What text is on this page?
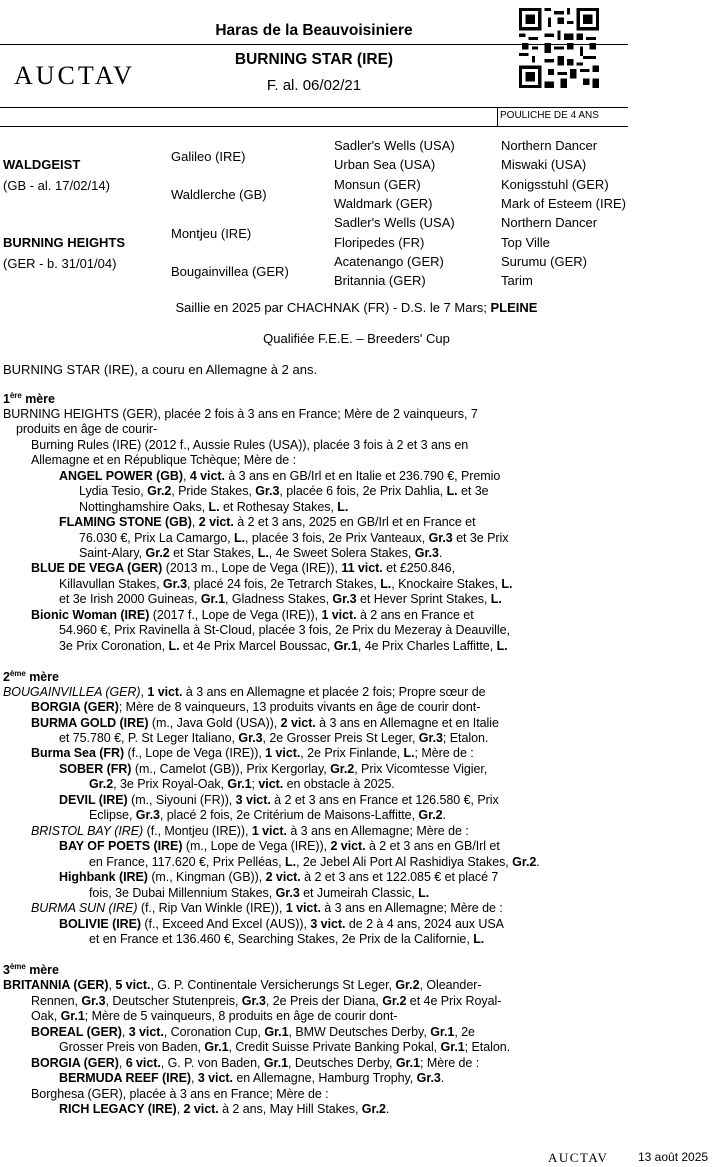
Haras de la Beauvoisiniere
BURNING STAR (IRE)
AUCTAV	F. al. 06/02/21
POULICHE DE 4 ANS
WALDGEIST
(GB - al. 17/02/14)
BURNING HEIGHTS
(GER - b. 31/01/04)
Galileo (IRE)
Waldlerche (GB)
Montjeu (IRE)
Bougainvillea (GER)
Sadler's Wells (USA)
Urban Sea (USA)
Monsun (GER)
Waldmark (GER)
Sadler's Wells (USA)
Floripedes (FR)
Acatenango (GER)
Britannia (GER)
Northern Dancer
Miswaki (USA)
Konigsstuhl (GER)
Mark of Esteem (IRE)
Northern Dancer
Top Ville
Surumu (GER)
Tarim
Saillie en 2025 par CHACHNAK (FR) - D.S. le 7 Mars; PLEINE
Qualifiée F.E.E. – Breeders' Cup
BURNING STAR (IRE), a couru en Allemagne à 2 ans.
1ère mère
BURNING HEIGHTS (GER), placée 2 fois à 3 ans en France; Mère de 2 vainqueurs, 7
produits en âge de courir-
Burning Rules (IRE) (2012 f., Aussie Rules (USA)), placée 3 fois à 2 et 3 ans en
Allemagne et en République Tchèque; Mère de :
ANGEL POWER (GB), 4 vict. à 3 ans en GB/Irl et en Italie et 236.790 €, Premio
Lydia Tesio, Gr.2, Pride Stakes, Gr.3, placée 6 fois, 2e Prix Dahlia, L. et 3e
Nottinghamshire Oaks, L. et Rothesay Stakes, L.
FLAMING STONE (GB), 2 vict. à 2 et 3 ans, 2025 en GB/Irl et en France et
76.030 €, Prix La Camargo, L., placée 3 fois, 2e Prix Vanteaux, Gr.3 et 3e Prix
Saint-Alary, Gr.2 et Star Stakes, L., 4e Sweet Solera Stakes, Gr.3.
BLUE DE VEGA (GER) (2013 m., Lope de Vega (IRE)), 11 vict. et £250.846,
Killavullan Stakes, Gr.3, placé 24 fois, 2e Tetrarch Stakes, L., Knockaire Stakes, L.
et 3e Irish 2000 Guineas, Gr.1, Gladness Stakes, Gr.3 et Hever Sprint Stakes, L.
Bionic Woman (IRE) (2017 f., Lope de Vega (IRE)), 1 vict. à 2 ans en France et
54.960 €, Prix Ravinella à St-Cloud, placée 3 fois, 2e Prix du Mezeray à Deauville,
3e Prix Coronation, L. et 4e Prix Marcel Boussac, Gr.1, 4e Prix Charles Laffitte, L.
2ème mère
BOUGAINVILLEA (GER), 1 vict. à 3 ans en Allemagne et placée 2 fois; Propre sœur de
BORGIA (GER); Mère de 8 vainqueurs, 13 produits vivants en âge de courir dont-
BURMA GOLD (IRE) (m., Java Gold (USA)), 2 vict. à 3 ans en Allemagne et en Italie
et 75.780 €, P. St Leger Italiano, Gr.3, 2e Grosser Preis St Leger, Gr.3; Etalon.
Burma Sea (FR) (f., Lope de Vega (IRE)), 1 vict., 2e Prix Finlande, L.; Mère de :
SOBER (FR) (m., Camelot (GB)), Prix Kergorlay, Gr.2, Prix Vicomtesse Vigier,
Gr.2, 3e Prix Royal-Oak, Gr.1; vict. en obstacle à 2025.
DEVIL (IRE) (m., Siyouni (FR)), 3 vict. à 2 et 3 ans en France et 126.580 €, Prix
Eclipse, Gr.3, placé 2 fois, 2e Critérium de Maisons-Laffitte, Gr.2.
BRISTOL BAY (IRE) (f., Montjeu (IRE)), 1 vict. à 3 ans en Allemagne; Mère de :
BAY OF POETS (IRE) (m., Lope de Vega (IRE)), 2 vict. à 2 et 3 ans en GB/Irl et
en France, 117.620 €, Prix Pelléas, L., 2e Jebel Ali Port Al Rashidiya Stakes, Gr.2.
Highbank (IRE) (m., Kingman (GB)), 2 vict. à 2 et 3 ans et 122.085 € et placé 7
fois, 3e Dubai Millennium Stakes, Gr.3 et Jumeirah Classic, L.
BURMA SUN (IRE) (f., Rip Van Winkle (IRE)), 1 vict. à 3 ans en Allemagne; Mère de :
BOLIVIE (IRE) (f., Exceed And Excel (AUS)), 3 vict. de 2 à 4 ans, 2024 aux USA
et en France et 136.460 €, Searching Stakes, 2e Prix de la Californie, L.
3ème mère
BRITANNIA (GER), 5 vict., G. P. Continentale Versicherungs St Leger, Gr.2, Oleander-
Rennen, Gr.3, Deutscher Stutenpreis, Gr.3, 2e Preis der Diana, Gr.2 et 4e Prix Royal-
Oak, Gr.1; Mère de 5 vainqueurs, 8 produits en âge de courir dont-
BOREAL (GER), 3 vict., Coronation Cup, Gr.1, BMW Deutsches Derby, Gr.1, 2e
Grosser Preis von Baden, Gr.1, Credit Suisse Private Banking Pokal, Gr.1; Etalon.
BORGIA (GER), 6 vict., G. P. von Baden, Gr.1, Deutsches Derby, Gr.1; Mère de :
BERMUDA REEF (IRE), 3 vict. en Allemagne, Hamburg Trophy, Gr.3.
Borghesa (GER), placée à 3 ans en France; Mère de :
RICH LEGACY (IRE), 2 vict. à 2 ans, May Hill Stakes, Gr.2.
AUCTAV 13 août 2025
